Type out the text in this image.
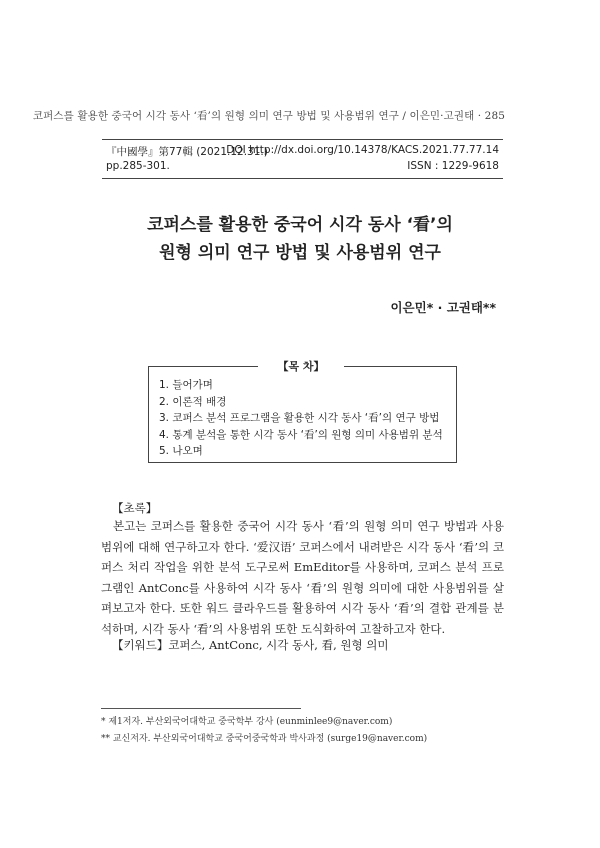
코퍼스를 활용한 중국어 시각 동사 ‘看’의 원형 의미 연구 방법 및 사용범위 연구 / 이은민·고권태 · 285
『中國學』第77輯 (2021.12.31.)
DOI http://dx.doi.org/10.14378/KACS.2021.77.77.14
pp.285-301.	ISSN : 1229-9618
코퍼스를 활용한 중국어 시각 동사 ‘看’의
원형 의미 연구 방법 및 사용범위 연구
이은민* · 고권태**
1. 들어가며
2. 이론적 배경
3. 코퍼스 분석 프로그램을 활용한 시각 동사 ‘看’의 연구 방법
4. 통계 분석을 통한 시각 동사 ‘看’의 원형 의미 사용범위 분석
5. 나오며
【목 차】
【초록】

본고는 코퍼스를 활용한 중국어 시각 동사 ‘看’의 원형 의미 연구 방법과 사용범위에 대해 연구하고자 한다. ‘爱汉语’ 코퍼스에서 내려받은 시각 동사 ‘看’의 코퍼스 처리 작업을 위한 분석 도구로써 EmEditor를 사용하며, 코퍼스 분석 프로그램인 AntConc를 사용하여 시각 동사 ‘看’의 원형 의미에 대한 사용범위를 살펴보고자 한다. 또한 워드 클라우드를 활용하여 시각 동사 ‘看’의 결합 관계를 분석하며, 시각 동사 ‘看’의 사용범위 또한 도식화하여 고찰하고자 한다.

【키워드】코퍼스, AntConc, 시각 동사, 看, 원형 의미
* 제1저자. 부산외국어대학교 중국학부 강사 (eunminlee9@naver.com)
** 교신저자. 부산외국어대학교 중국어중국학과 박사과정 (surge19@naver.com)
